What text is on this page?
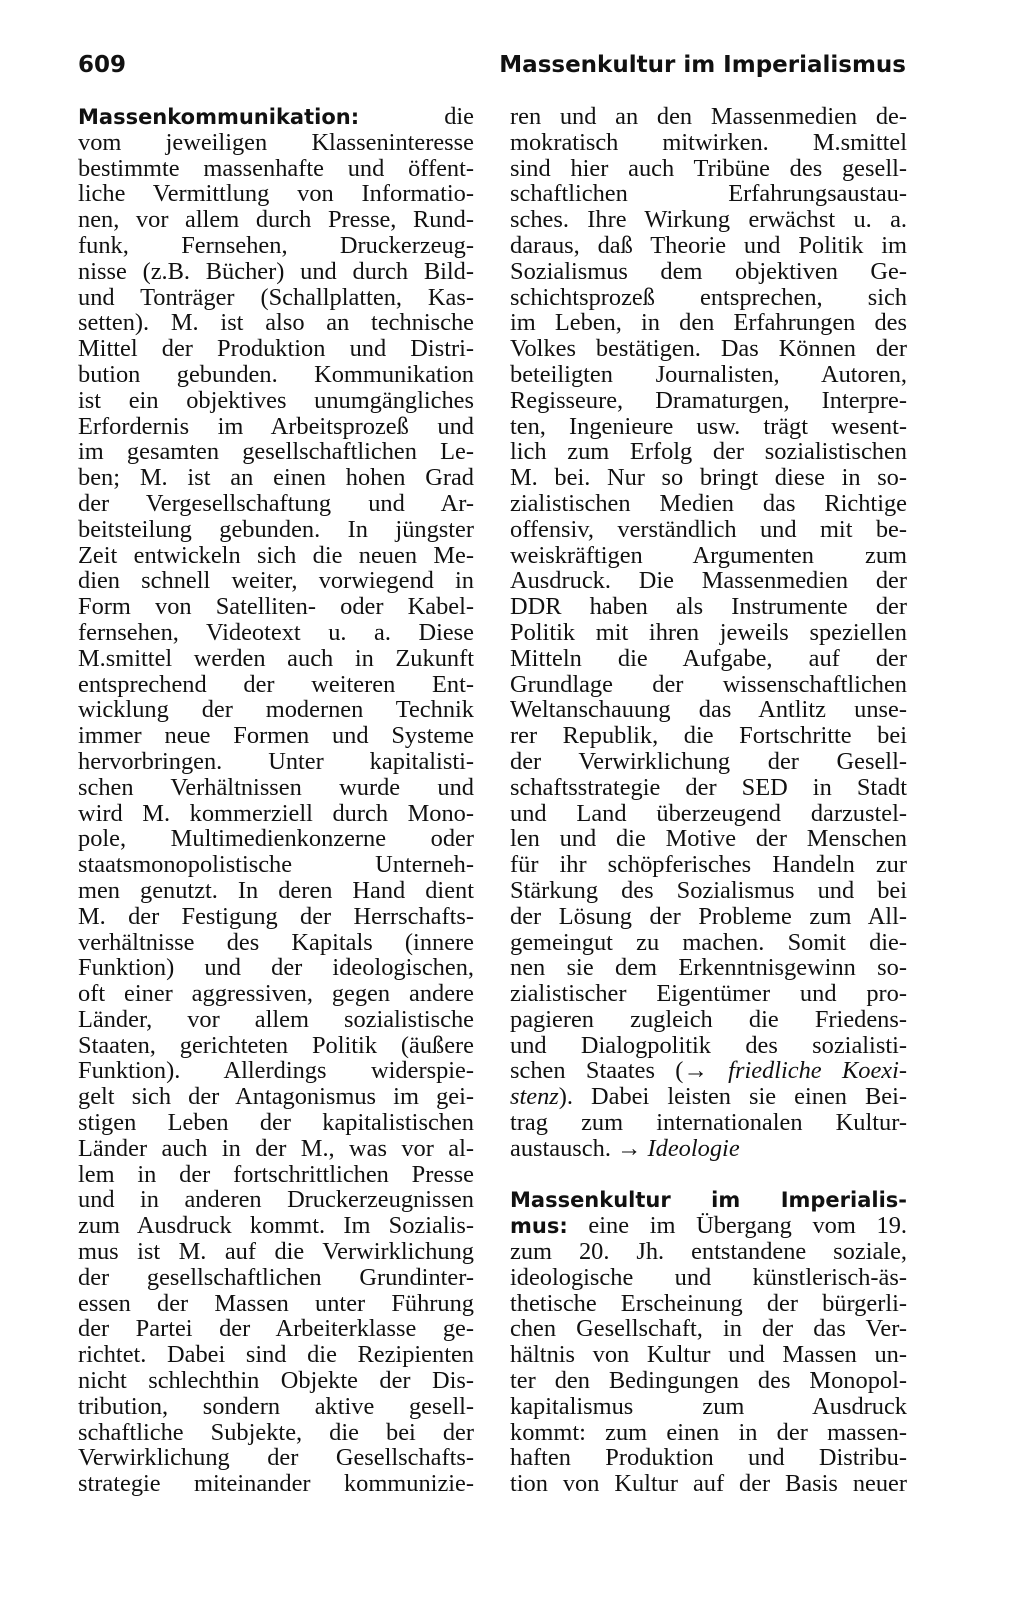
609	Massenkultur im Imperialismus
Massenkommunikation:	die
vom jeweiligen Klasseninteresse
bestimmte massenhafte und öffent-
liche Vermittlung von Informatio-
nen, vor allem durch Presse, Rund-
funk, Fernsehen, Druckerzeug-
nisse (z.B. Bücher) und durch Bild-
und Tonträger (Schallplatten, Kas-
setten). M. ist also an technische
Mittel der Produktion und Distri-
bution gebunden. Kommunikation
ist ein objektives unumgängliches
Erfordernis im Arbeitsprozeß und
im gesamten gesellschaftlichen Le-
ben; M. ist an einen hohen Grad
der Vergesellschaftung und Ar-
beitsteilung gebunden. In jüngster
Zeit entwickeln sich die neuen Me-
dien schnell weiter, vorwiegend in
Form von Satelliten- oder Kabel-
fernsehen, Videotext u. a. Diese
M.smittel werden auch in Zukunft
entsprechend der weiteren Ent-
wicklung der modernen Technik
immer neue Formen und Systeme
hervorbringen. Unter kapitalisti-
schen Verhältnissen wurde und
wird M. kommerziell durch Mono-
pole, Multimedienkonzerne oder
staatsmonopolistische Unterneh-
men genutzt. In deren Hand dient
M. der Festigung der Herrschafts-
verhältnisse des Kapitals (innere
Funktion) und der ideologischen,
oft einer aggressiven, gegen andere
Länder, vor allem sozialistische
Staaten, gerichteten Politik (äußere
Funktion). Allerdings widerspie-
gelt sich der Antagonismus im gei-
stigen Leben der kapitalistischen
Länder auch in der M., was vor al-
lem in der fortschrittlichen Presse
und in anderen Druckerzeugnissen
zum Ausdruck kommt. Im Sozialis-
mus ist M. auf die Verwirklichung
der gesellschaftlichen Grundinter-
essen der Massen unter Führung
der Partei der Arbeiterklasse ge-
richtet. Dabei sind die Rezipienten
nicht schlechthin Objekte der Dis-
tribution, sondern aktive gesell-
schaftliche Subjekte, die bei der
Verwirklichung der Gesellschafts-
strategie miteinander kommunizie-
ren und an den Massenmedien de-
mokratisch mitwirken. M.smittel
sind hier auch Tribüne des gesell-
schaftlichen Erfahrungsaustau-
sches. Ihre Wirkung erwächst u. a.
daraus, daß Theorie und Politik im
Sozialismus dem objektiven Ge-
schichtsprozeß entsprechen, sich
im Leben, in den Erfahrungen des
Volkes bestätigen. Das Können der
beteiligten Journalisten, Autoren,
Regisseure, Dramaturgen, Interpre-
ten, Ingenieure usw. trägt wesent-
lich zum Erfolg der sozialistischen
M. bei. Nur so bringt diese in so-
zialistischen Medien das Richtige
offensiv, verständlich und mit be-
weiskräftigen Argumenten zum
Ausdruck. Die Massenmedien der
DDR haben als Instrumente der
Politik mit ihren jeweils speziellen
Mitteln die Aufgabe, auf der
Grundlage der wissenschaftlichen
Weltanschauung das Antlitz unse-
rer Republik, die Fortschritte bei
der Verwirklichung der Gesell-
schaftsstrategie der SED in Stadt
und Land überzeugend darzustel-
len und die Motive der Menschen
für ihr schöpferisches Handeln zur
Stärkung des Sozialismus und bei
der Lösung der Probleme zum All-
gemeingut zu machen. Somit die-
nen sie dem Erkenntnisgewinn so-
zialistischer Eigentümer und pro-
pagieren zugleich die Friedens-
und Dialogpolitik des sozialisti-
schen Staates (→ friedliche Koexi-
stenz). Dabei leisten sie einen Bei-
trag zum internationalen Kultur-
austausch. → Ideologie
Massenkultur im Imperialis-
mus: eine im Übergang vom 19.
zum 20. Jh. entstandene soziale,
ideologische und künstlerisch-äs-
thetische Erscheinung der bürgerli-
chen Gesellschaft, in der das Ver-
hältnis von Kultur und Massen un-
ter den Bedingungen des Monopol-
kapitalismus zum Ausdruck
kommt: zum einen in der massen-
haften Produktion und Distribu-
tion von Kultur auf der Basis neuer
